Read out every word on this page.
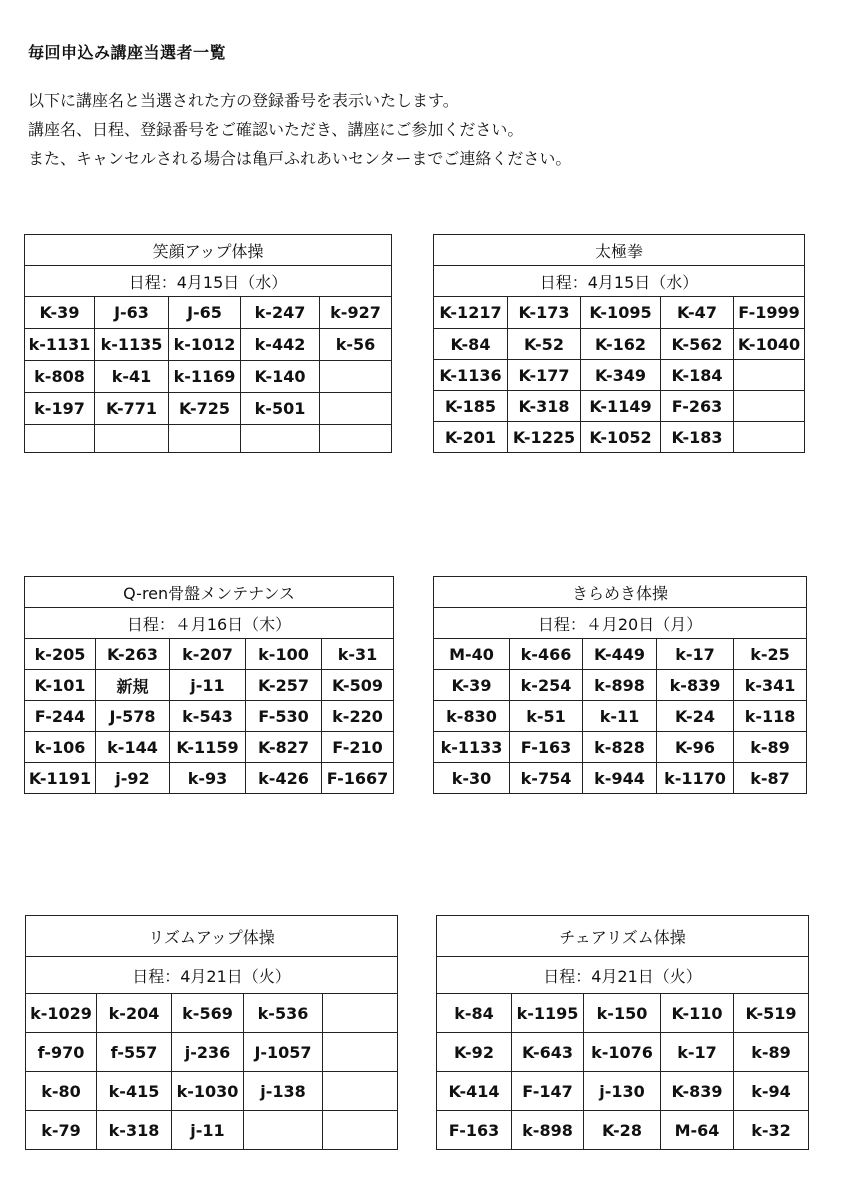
毎回申込み講座当選者一覧
以下に講座名と当選された方の登録番号を表示いたします。
講座名、日程、登録番号をご確認いただき、講座にご参加ください。
また、キャンセルされる場合は亀戸ふれあいセンターまでご連絡ください。
笑顔アップ体操				
日程：4月15日（水）				
K-39	J-63	J-65	k-247	k-927
k-1131	k-1135	k-1012	k-442	k-56
k-808	k-41	k-1169	K-140	
k-197	K-771	K-725	k-501	

太極拳				
日程：4月15日（水）				
K-1217	K-173	K-1095	K-47	F-1999
K-84	K-52	K-162	K-562	K-1040
K-1136	K-177	K-349	K-184	
K-185	K-318	K-1149	F-263	
K-201	K-1225	K-1052	K-183	
Q-ren骨盤メンテナンス				
日程：４月16日（木）				
k-205	K-263	k-207	k-100	k-31
K-101	新規	j-11	K-257	K-509
F-244	J-578	k-543	F-530	k-220
k-106	k-144	K-1159	K-827	F-210
K-1191	j-92	k-93	k-426	F-1667
きらめき体操				
日程：４月20日（月）				
M-40	k-466	K-449	k-17	k-25
K-39	k-254	k-898	k-839	k-341
k-830	k-51	k-11	K-24	k-118
k-1133	F-163	k-828	K-96	k-89
k-30	k-754	k-944	k-1170	k-87
リズムアップ体操				
日程：4月21日（火）				
k-1029	k-204	k-569	k-536	
f-970	f-557	j-236	J-1057	
k-80	k-415	k-1030	j-138	
k-79	k-318	j-11		
チェアリズム体操				
日程：4月21日（火）				
k-84	k-1195	k-150	K-110	K-519
K-92	K-643	k-1076	k-17	k-89
K-414	F-147	j-130	K-839	k-94
F-163	k-898	K-28	M-64	k-32
